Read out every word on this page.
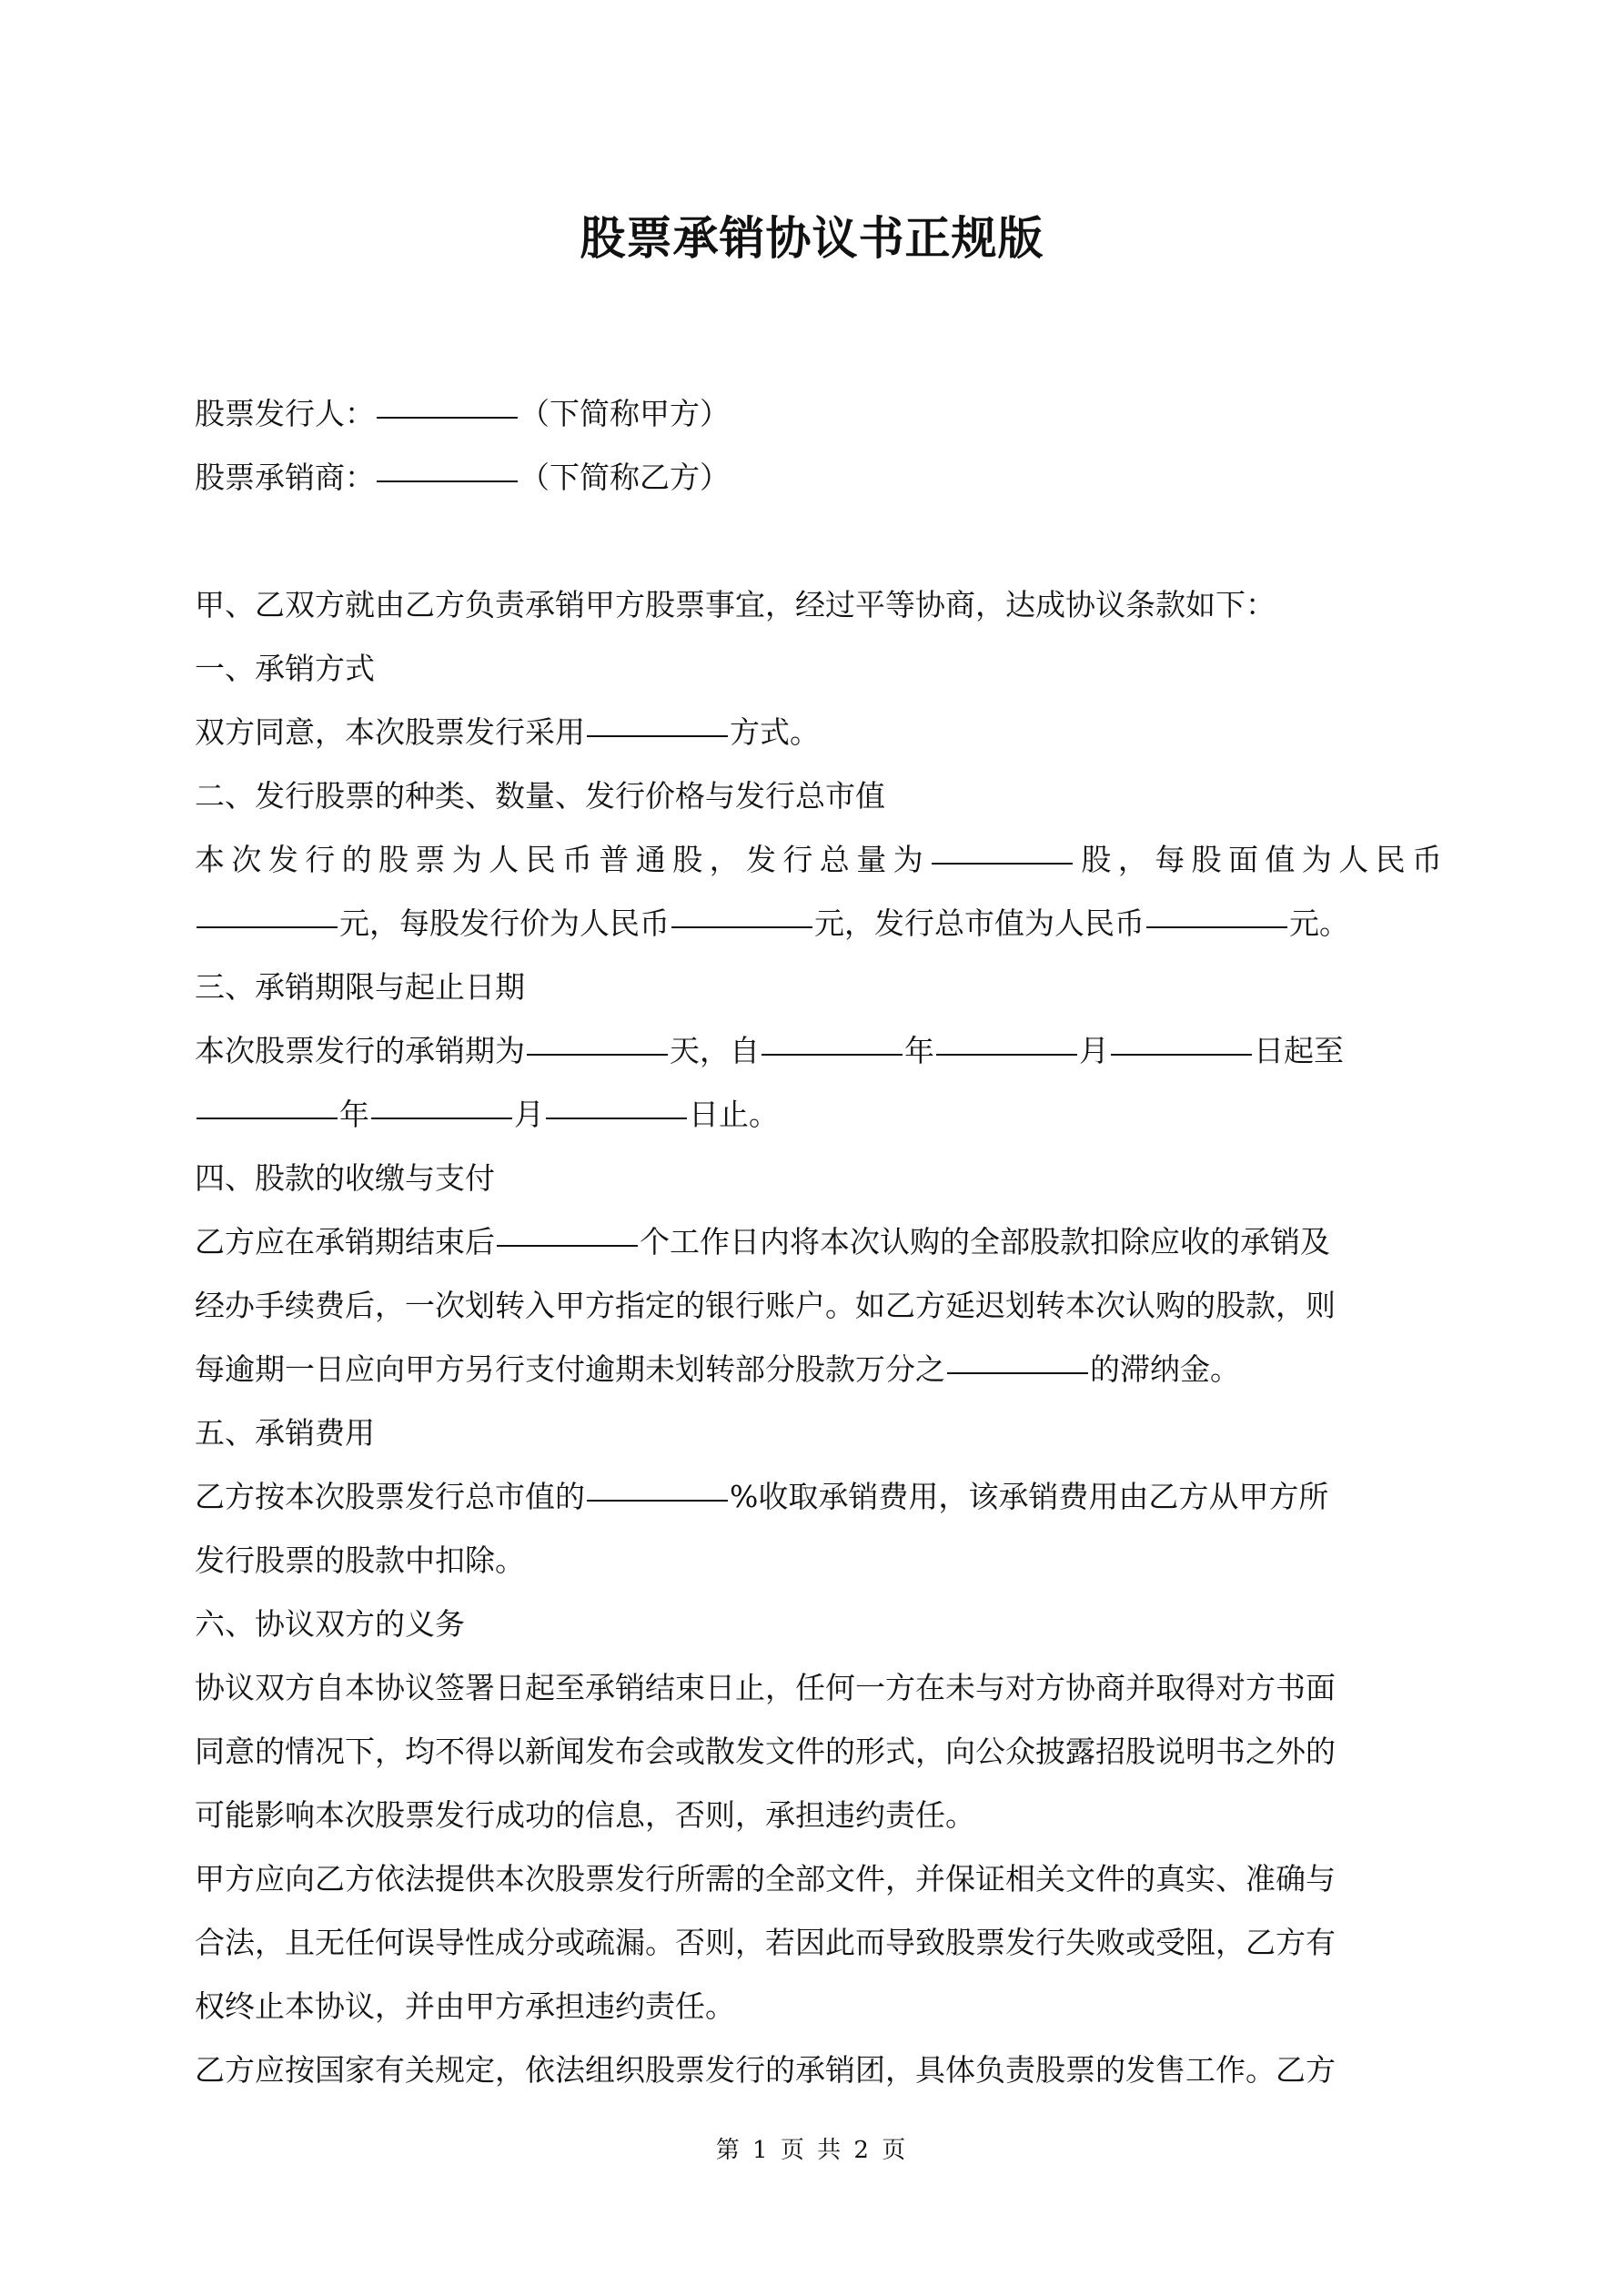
股票承销协议书正规版
股票发行人：	（下简称甲方）
股票承销商：	（下简称乙方）
甲、乙双方就由乙方负责承销甲方股票事宜，经过平等协商，达成协议条款如下：
一、承销方式
双方同意，本次股票发行采用	方式。
二、发行股票的种类、数量、发行价格与发行总市值
本次发行的股票为人民币普通股，发行总量为	股，每股面值为人民币
元，每股发行价为人民币	元，发行总市值为人民币	元。
三、承销期限与起止日期
本次股票发行的承销期为	天，自	年	月	日起至
年	月	日止。
四、股款的收缴与支付
乙方应在承销期结束后	个工作日内将本次认购的全部股款扣除应收的承销及
经办手续费后，一次划转入甲方指定的银行账户。如乙方延迟划转本次认购的股款，则
每逾期一日应向甲方另行支付逾期未划转部分股款万分之	的滞纳金。
五、承销费用
乙方按本次股票发行总市值的	%收取承销费用，该承销费用由乙方从甲方所
发行股票的股款中扣除。
六、协议双方的义务
协议双方自本协议签署日起至承销结束日止，任何一方在未与对方协商并取得对方书面
同意的情况下，均不得以新闻发布会或散发文件的形式，向公众披露招股说明书之外的
可能影响本次股票发行成功的信息，否则，承担违约责任。
甲方应向乙方依法提供本次股票发行所需的全部文件，并保证相关文件的真实、准确与
合法，且无任何误导性成分或疏漏。否则，若因此而导致股票发行失败或受阻，乙方有
权终止本协议，并由甲方承担违约责任。
乙方应按国家有关规定，依法组织股票发行的承销团，具体负责股票的发售工作。乙方
第 1 页 共 2 页
